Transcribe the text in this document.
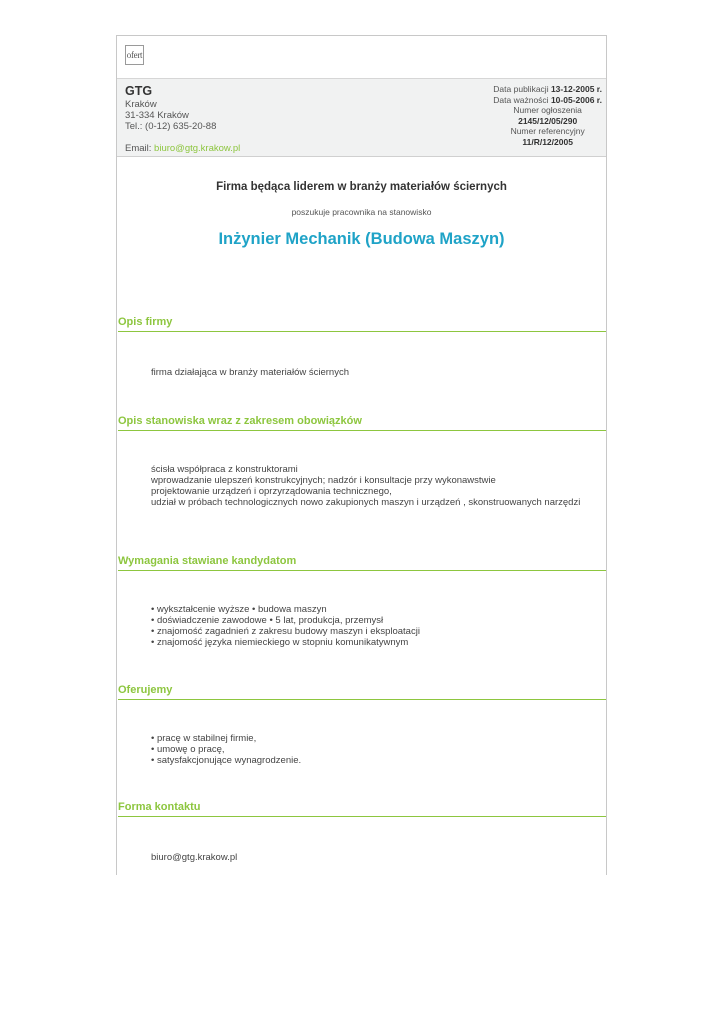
ofert
GTG
Kraków
31-334 Kraków
Tel.: (0-12) 635-20-88
Email: biuro@gtg.krakow.pl
Data publikacji 13-12-2005 r.
Data ważności 10-05-2006 r.
Numer ogłoszenia
2145/12/05/290
Numer referencyjny
11/R/12/2005
Firma będąca liderem w branży materiałów ściernych
poszukuje pracownika na stanowisko
Inżynier Mechanik (Budowa Maszyn)
Opis firmy
firma działająca w branży materiałów ściernych
Opis stanowiska wraz z zakresem obowiązków
ścisła współpraca z konstruktorami
wprowadzanie ulepszeń konstrukcyjnych; nadzór i konsultacje przy wykonawstwie
projektowanie urządzeń i oprzyrządowania technicznego,
udział w próbach technologicznych nowo zakupionych maszyn i urządzeń , skonstruowanych narzędzi
Wymagania stawiane kandydatom
• wykształcenie wyższe • budowa maszyn
• doświadczenie zawodowe • 5 lat, produkcja, przemysł
• znajomość zagadnień z zakresu budowy maszyn i eksploatacji
• znajomość języka niemieckiego w stopniu komunikatywnym
Oferujemy
• pracę w stabilnej firmie,
• umowę o pracę,
• satysfakcjonujące wynagrodzenie.
Forma kontaktu
biuro@gtg.krakow.pl
